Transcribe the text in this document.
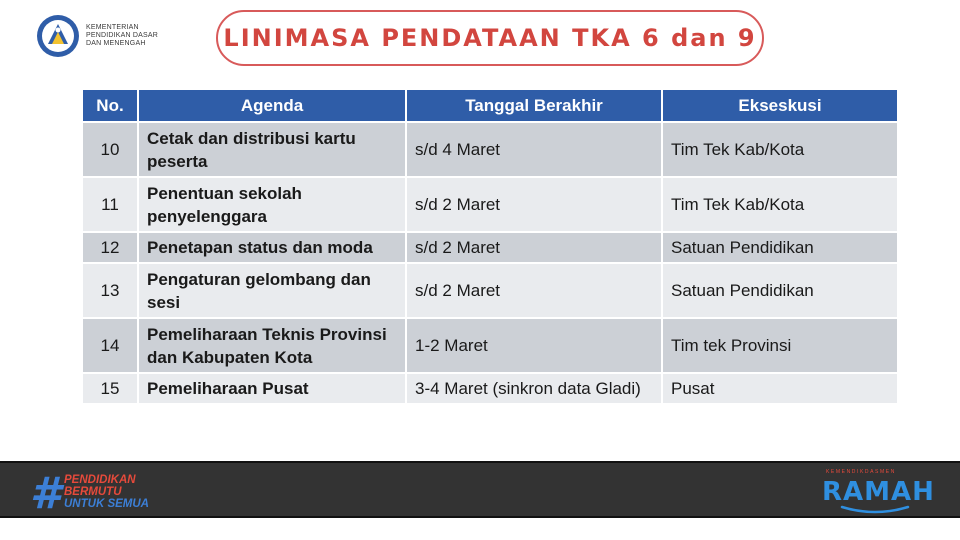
KEMENTERIAN
PENDIDIKAN DASAR
DAN MENENGAH	LINIMASA PENDATAAN TKA 6 dan 9
No.	Agenda	Tanggal Berakhir	Ekseskusi
10	Cetak dan distribusi kartu peserta	s/d 4 Maret	Tim Tek Kab/Kota
11	Penentuan sekolah penyelenggara	s/d 2 Maret	Tim Tek Kab/Kota
12	Penetapan status dan moda	s/d 2 Maret	Satuan Pendidikan
13	Pengaturan gelombang dan sesi	s/d 2 Maret	Satuan Pendidikan
14	Pemeliharaan Teknis Provinsi dan Kabupaten Kota	1-2 Maret	Tim tek Provinsi
15	Pemeliharaan Pusat	3-4 Maret (sinkron data Gladi)	Pusat
# PENDIDIKAN
BERMUTU
UNTUK SEMUA
KEMENDIKDASMEN
RAMAH
